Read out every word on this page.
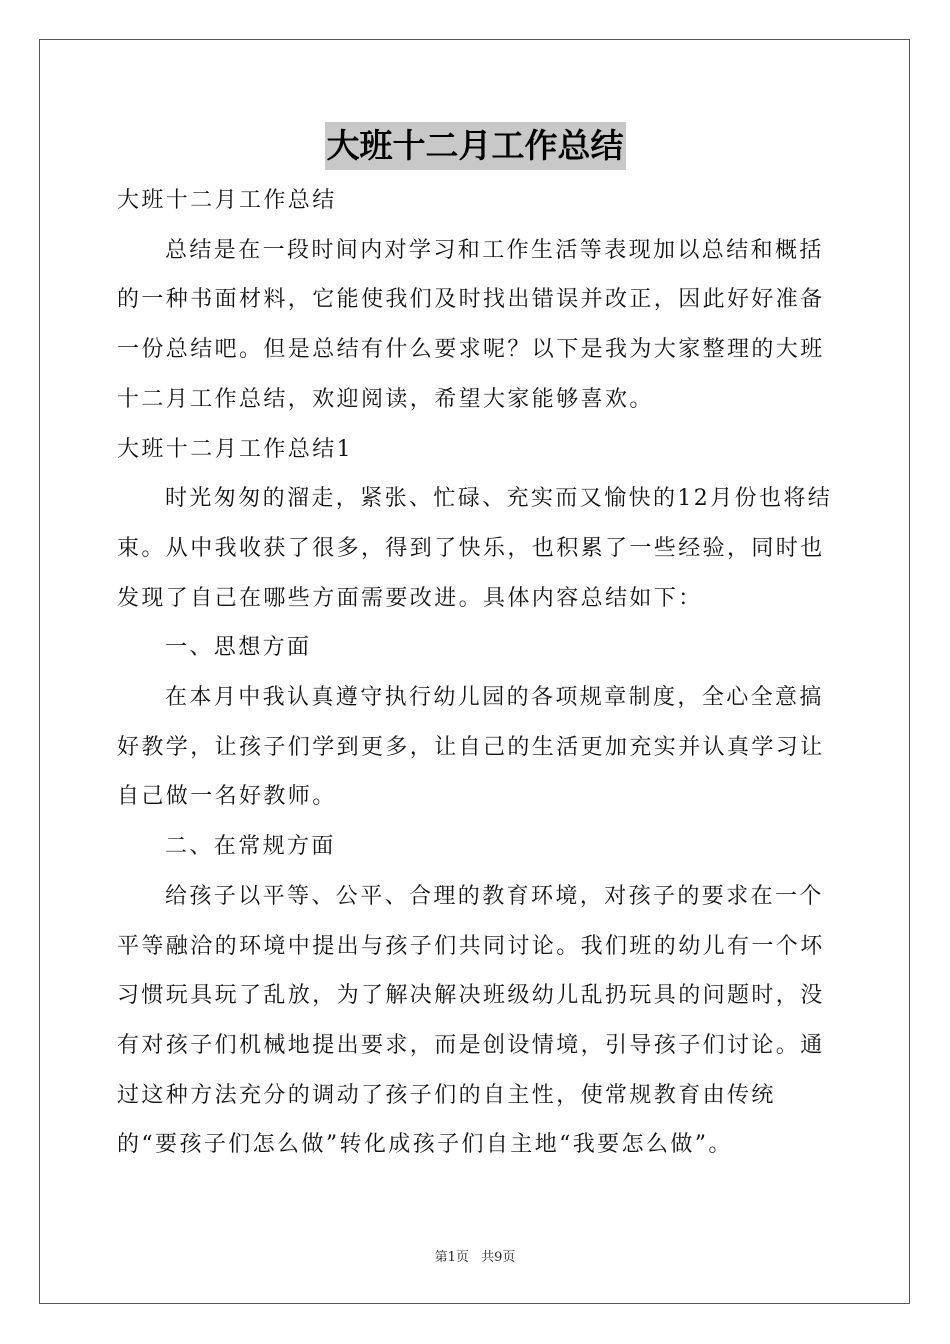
大班十二月工作总结

大班十二月工作总结

总结是在一段时间内对学习和工作生活等表现加以总结和概括的一种书面材料，它能使我们及时找出错误并改正，因此好好准备一份总结吧。但是总结有什么要求呢？以下是我为大家整理的大班十二月工作总结，欢迎阅读，希望大家能够喜欢。

大班十二月工作总结1

时光匆匆的溜走，紧张、忙碌、充实而又愉快的12月份也将结束。从中我收获了很多，得到了快乐，也积累了一些经验，同时也发现了自己在哪些方面需要改进。具体内容总结如下：

一、思想方面

在本月中我认真遵守执行幼儿园的各项规章制度，全心全意搞好教学，让孩子们学到更多，让自己的生活更加充实并认真学习让自己做一名好教师。

二、在常规方面

给孩子以平等、公平、合理的教育环境，对孩子的要求在一个平等融洽的环境中提出与孩子们共同讨论。我们班的幼儿有一个坏习惯玩具玩了乱放，为了解决解决班级幼儿乱扔玩具的问题时，没有对孩子们机械地提出要求，而是创设情境，引导孩子们讨论。通过这种方法充分的调动了孩子们的自主性，使常规教育由传统的“要孩子们怎么做”转化成孩子们自主地“我要怎么做”。

第1页 共9页
